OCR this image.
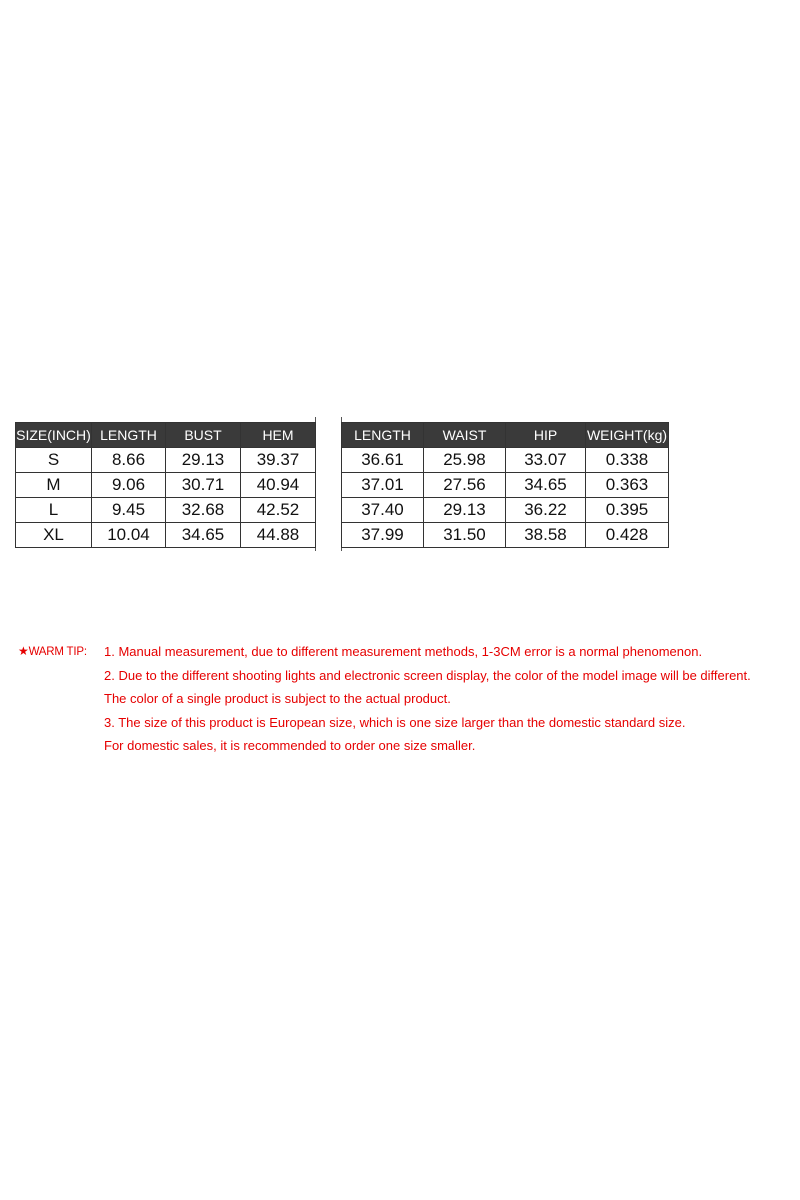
SIZE(INCH)	LENGTH	BUST	HEM
S	8.66	29.13	39.37
M	9.06	30.71	40.94
L	9.45	32.68	42.52
XL	10.04	34.65	44.88
LENGTH	WAIST	HIP	WEIGHT(kg)
36.61	25.98	33.07	0.338
37.01	27.56	34.65	0.363
37.40	29.13	36.22	0.395
37.99	31.50	38.58	0.428
★WARM TIP: 1. Manual measurement, due to different measurement methods, 1-3CM error is a normal phenomenon.
2. Due to the different shooting lights and electronic screen display, the color of the model image will be different.
The color of a single product is subject to the actual product.
3. The size of this product is European size, which is one size larger than the domestic standard size.
For domestic sales, it is recommended to order one size smaller.
